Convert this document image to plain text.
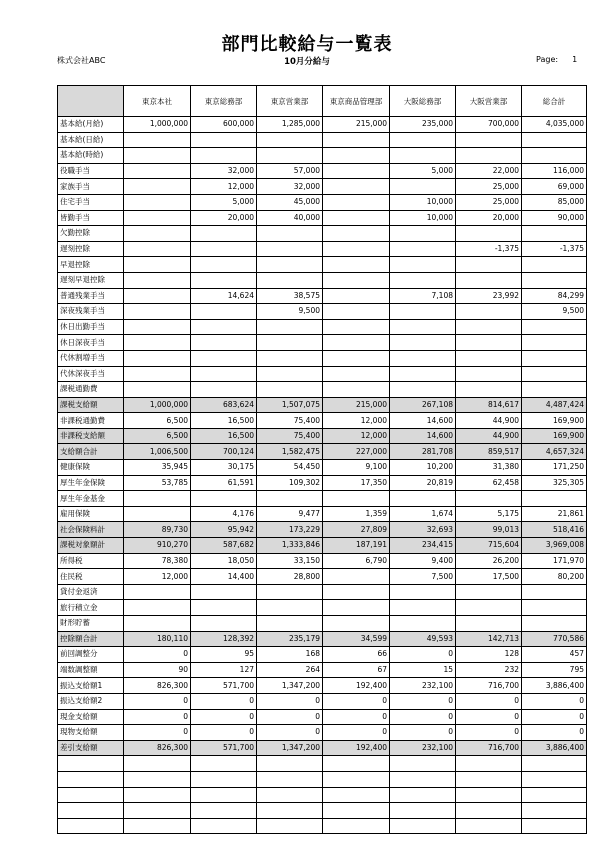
部門比較給与一覧表
株式会社ABC	10月分給与	Page: 1
	東京本社	東京総務部	東京営業部	東京商品管理部	大阪総務部	大阪営業部	総合計
基本給(月給)	1,000,000	600,000	1,285,000	215,000	235,000	700,000	4,035,000
基本給(日給)							
基本給(時給)							
役職手当		32,000	57,000		5,000	22,000	116,000
家族手当		12,000	32,000			25,000	69,000
住宅手当		5,000	45,000		10,000	25,000	85,000
皆勤手当		20,000	40,000		10,000	20,000	90,000
欠勤控除							
遅刻控除						-1,375	-1,375
早退控除							
遅刻早退控除							
普通残業手当		14,624	38,575		7,108	23,992	84,299
深夜残業手当			9,500				9,500
休日出勤手当							
休日深夜手当							
代休割増手当							
代休深夜手当							
課税通勤費							
課税支給額	1,000,000	683,624	1,507,075	215,000	267,108	814,617	4,487,424
非課税通勤費	6,500	16,500	75,400	12,000	14,600	44,900	169,900
非課税支給額	6,500	16,500	75,400	12,000	14,600	44,900	169,900
支給額合計	1,006,500	700,124	1,582,475	227,000	281,708	859,517	4,657,324
健康保険	35,945	30,175	54,450	9,100	10,200	31,380	171,250
厚生年金保険	53,785	61,591	109,302	17,350	20,819	62,458	325,305
厚生年金基金							
雇用保険		4,176	9,477	1,359	1,674	5,175	21,861
社会保険料計	89,730	95,942	173,229	27,809	32,693	99,013	518,416
課税対象額計	910,270	587,682	1,333,846	187,191	234,415	715,604	3,969,008
所得税	78,380	18,050	33,150	6,790	9,400	26,200	171,970
住民税	12,000	14,400	28,800		7,500	17,500	80,200
貸付金返済							
旅行積立金							
財形貯蓄							
控除額合計	180,110	128,392	235,179	34,599	49,593	142,713	770,586
前回調整分	0	95	168	66	0	128	457
端数調整額	90	127	264	67	15	232	795
振込支給額1	826,300	571,700	1,347,200	192,400	232,100	716,700	3,886,400
振込支給額2	0	0	0	0	0	0	0
現金支給額	0	0	0	0	0	0	0
現物支給額	0	0	0	0	0	0	0
差引支給額	826,300	571,700	1,347,200	192,400	232,100	716,700	3,886,400
